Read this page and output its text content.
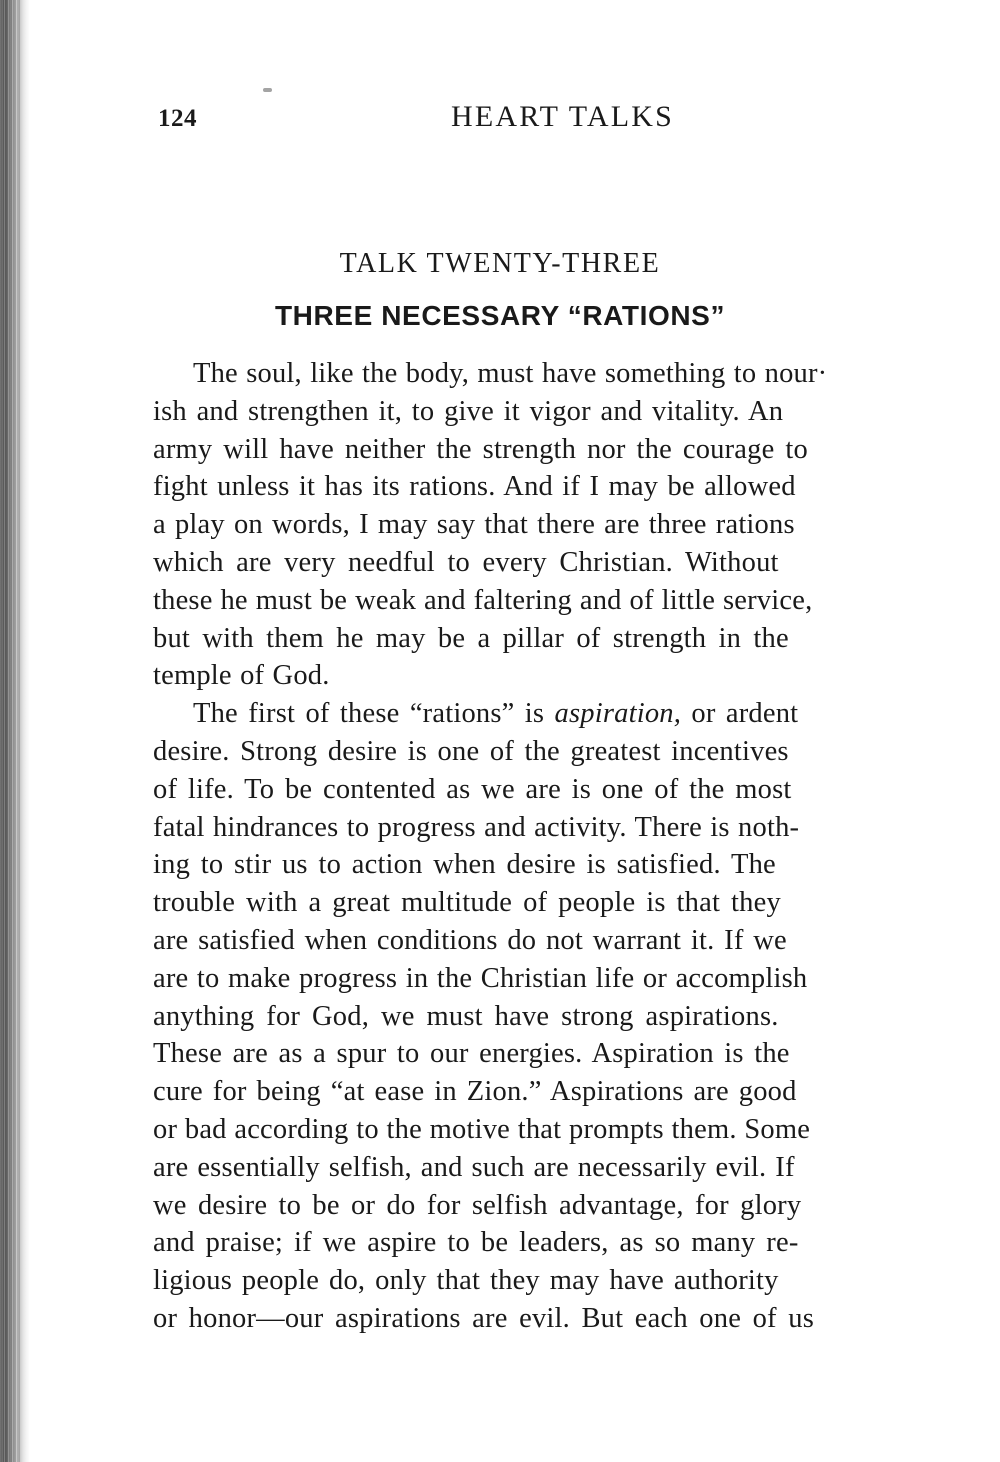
124	HEART TALKS
TALK TWENTY-THREE
THREE NECESSARY “RATIONS”
The soul, like the body, must have something to nour·
ish and strengthen it, to give it vigor and vitality. An
army will have neither the strength nor the courage to
fight unless it has its rations. And if I may be allowed
a play on words, I may say that there are three rations
which are very needful to every Christian. Without
these he must be weak and faltering and of little service,
but with them he may be a pillar of strength in the
temple of God.
The first of these “rations” is aspiration, or ardent
desire. Strong desire is one of the greatest incentives
of life. To be contented as we are is one of the most
fatal hindrances to progress and activity. There is noth-
ing to stir us to action when desire is satisfied. The
trouble with a great multitude of people is that they
are satisfied when conditions do not warrant it. If we
are to make progress in the Christian life or accomplish
anything for God, we must have strong aspirations.
These are as a spur to our energies. Aspiration is the
cure for being “at ease in Zion.” Aspirations are good
or bad according to the motive that prompts them. Some
are essentially selfish, and such are necessarily evil. If
we desire to be or do for selfish advantage, for glory
and praise; if we aspire to be leaders, as so many re-
ligious people do, only that they may have authority
or honor—our aspirations are evil. But each one of us
